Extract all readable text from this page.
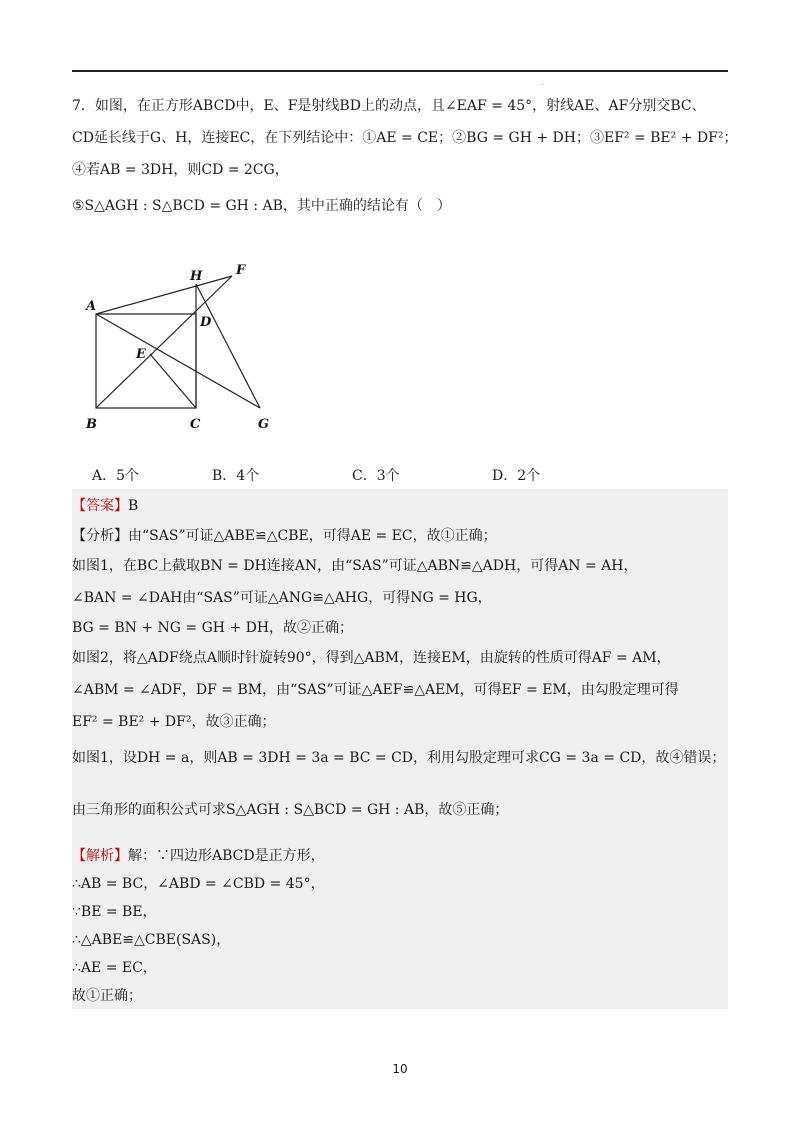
.
7．如图，在正方形ABCD中，E、F是射线BD上的动点，且∠EAF = 45°，射线AE、AF分别交BC、
CD延长线于G、H，连接EC，在下列结论中：①AE = CE；②BG = GH + DH；③EF² = BE² + DF²；
④若AB = 3DH，则CD = 2CG，
⑤S△AGH : S△BCD = GH : AB，其中正确的结论有（　）
A
B	C
D
E
F
G
H
A．5个	B．4个	C．3个	D．2个
【答案】B
【分析】由“SAS”可证△ABE≌△CBE，可得AE = EC，故①正确；
如图1，在BC上截取BN = DH连接AN，由“SAS”可证△ABN≌△ADH，可得AN = AH，
∠BAN = ∠DAH由“SAS”可证△ANG≌△AHG，可得NG = HG，
BG = BN + NG = GH + DH，故②正确；
如图2，将△ADF绕点A顺时针旋转90°，得到△ABM，连接EM，由旋转的性质可得AF = AM，
∠ABM = ∠ADF，DF = BM，由“SAS”可证△AEF≌△AEM，可得EF = EM，由勾股定理可得
EF² = BE² + DF²，故③正确；
如图1，设DH = a，则AB = 3DH = 3a = BC = CD，利用勾股定理可求CG = 3a = CD，故④错误；
由三角形的面积公式可求S△AGH : S△BCD = GH : AB，故⑤正确；
【解析】解：∵四边形ABCD是正方形，
∴AB = BC，∠ABD = ∠CBD = 45°，
∵BE = BE，
∴△ABE≌△CBE(SAS)，
∴AE = EC，
故①正确；
10
